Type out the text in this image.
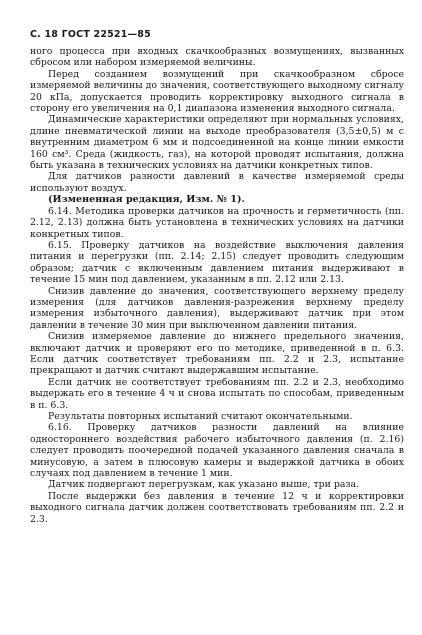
С. 18 ГОСТ 22521—85

ного процесса при входных скачкообразных возмущениях, вызванных сбросом или набором измеряемой величины.

Перед созданием возмущений при скачкообразном сбросе измеряемой величины до значения, соответствующего выходному сигналу 20 кПа, допускается проводить корректировку выходного сигнала в сторону его увеличения на 0,1 диапазона изменения выходного сигнала.

Динамические характеристики определяют при нормальных условиях, длине пневматической линии на выходе преобразователя (3,5±0,5) м с внутренним диаметром 6 мм и подсоединенной на конце линии емкости 160 см³. Среда (жидкость, газ), на которой проводят испытания, должна быть указана в технических условиях на датчики конкретных типов.

Для датчиков разности давлений в качестве измеряемой среды используют воздух.

(Измененная редакция, Изм. № 1).

6.14. Методика проверки датчиков на прочность и герметичность (пп. 2.12, 2.13) должна быть установлена в технических условиях на датчики конкретных типов.

6.15. Проверку датчиков на воздействие выключения давления питания и перегрузки (пп. 2.14; 2.15) следует проводить следующим образом; датчик с включенным давлением питания выдерживают в течение 15 мин под давлением, указанным в пп. 2.12 или 2.13.

Снизив давление до значения, соответствующего верхнему пределу измерения (для датчиков давления-разрежения верхнему пределу измерения избыточного давления), выдерживают датчик при этом давлении в течение 30 мин при выключенном давлении питания.

Снизив измеряемое давление до нижнего предельного значения, включают датчик и проверяют его по методике, приведенной в п. 6.3. Если датчик соответствует требованиям пп. 2.2 и 2.3, испытание прекращают и датчик считают выдержавшим испытание.

Если датчик не соответствует требованиям пп. 2.2 и 2.3, необходимо выдержать его в течение 4 ч и снова испытать по способам, приведенным в п. 6.3.

Результаты повторных испытаний считают окончательными.

6.16. Проверку датчиков разности давлений на влияние одностороннего воздействия рабочего избыточного давления (п. 2.16) следует проводить поочередной подачей указанного давления сначала в минусовую, а затем в плюсовую камеры и выдержкой датчика в обоих случаях под давлением в течение 1 мин.

Датчик подвергают перегрузкам, как указано выше, три раза.

После выдержки без давления в течение 12 ч и корректировки выходного сигнала датчик должен соответствовать требованиям пп. 2.2 и 2.3.
